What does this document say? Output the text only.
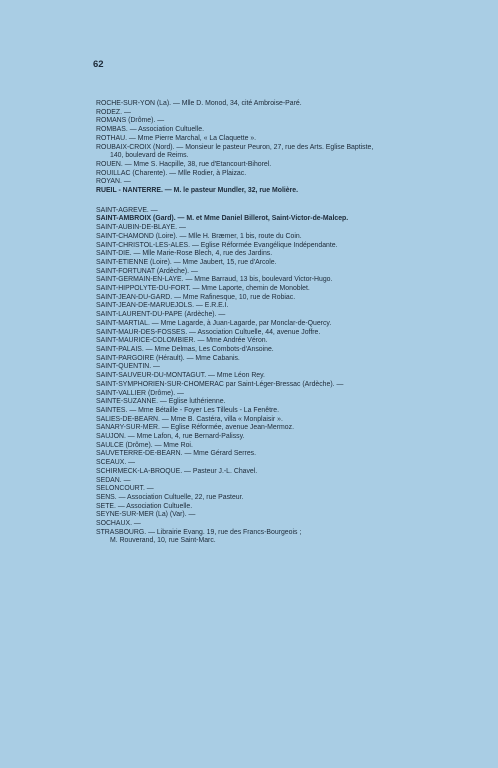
62
ROCHE-SUR-YON (La). — Mlle D. Monod, 34, cité Ambroise-Paré.
RODEZ. —
ROMANS (Drôme). —
ROMBAS. — Association Cultuelle.
ROTHAU. — Mme Pierre Marchal, « La Claquette ».
ROUBAIX-CROIX (Nord). — Monsieur le pasteur Peuron, 27, rue des Arts. Eglise Baptiste,
140, boulevard de Reims.
ROUEN. — Mme S. Hacpille, 38, rue d'Etancourt-Bihorel.
ROUILLAC (Charente). — Mlle Rodier, à Plaizac.
ROYAN. —
RUEIL - NANTERRE. — M. le pasteur Mundler, 32, rue Molière.
SAINT-AGREVE. —
SAINT-AMBROIX (Gard). — M. et Mme Daniel Billerot, Saint-Victor-de-Malcep.
SAINT-AUBIN-DE-BLAYE. —
SAINT-CHAMOND (Loire). — Mlle H. Bræmer, 1 bis, route du Coin.
SAINT-CHRISTOL-LES-ALES. — Eglise Réformée Evangélique Indépendante.
SAINT-DIE. — Mlle Marie-Rose Blech, 4, rue des Jardins.
SAINT-ETIENNE (Loire). — Mme Jaubert, 15, rue d'Arcole.
SAINT-FORTUNAT (Ardèche). —
SAINT-GERMAIN-EN-LAYE. — Mme Barraud, 13 bis, boulevard Victor-Hugo.
SAINT-HIPPOLYTE-DU-FORT. — Mme Laporte, chemin de Monoblet.
SAINT-JEAN-DU-GARD. — Mme Rafinesque, 10, rue de Robiac.
SAINT-JEAN-DE-MARUEJOLS. — E.R.E.I.
SAINT-LAURENT-DU-PAPE (Ardèche). —
SAINT-MARTIAL. — Mme Lagarde, à Juan-Lagarde, par Monclar-de-Quercy.
SAINT-MAUR-DES-FOSSES. — Association Cultuelle, 44, avenue Joffre.
SAINT-MAURICE-COLOMBIER. — Mme Andrée Véron.
SAINT-PALAIS. — Mme Delmas, Les Combots-d'Ansoine.
SAINT-PARGOIRE (Hérault). — Mme Cabanis.
SAINT-QUENTIN. —
SAINT-SAUVEUR-DU-MONTAGUT. — Mme Léon Rey.
SAINT-SYMPHORIEN-SUR-CHOMERAC par Saint-Léger-Bressac (Ardèche). —
SAINT-VALLIER (Drôme). —
SAINTE-SUZANNE. — Eglise luthérienne.
SAINTES. — Mme Bétaille - Foyer Les Tilleuls - La Fenêtre.
SALIES-DE-BEARN. — Mme B. Castéra, villa « Monplaisir ».
SANARY-SUR-MER. — Eglise Réformée, avenue Jean-Mermoz.
SAUJON. — Mme Lafon, 4, rue Bernard-Palissy.
SAULCE (Drôme). — Mme Roi.
SAUVETERRE-DE-BEARN. — Mme Gérard Serres.
SCEAUX. —
SCHIRMECK-LA-BROQUE. — Pasteur J.-L. Chavel.
SEDAN. —
SELONCOURT. —
SENS. — Association Cultuelle, 22, rue Pasteur.
SETE. — Association Cultuelle.
SEYNE-SUR-MER (La) (Var). —
SOCHAUX. —
STRASBOURG. — Librairie Evang. 19, rue des Francs-Bourgeois ;
M. Rouverand, 10, rue Saint-Marc.
